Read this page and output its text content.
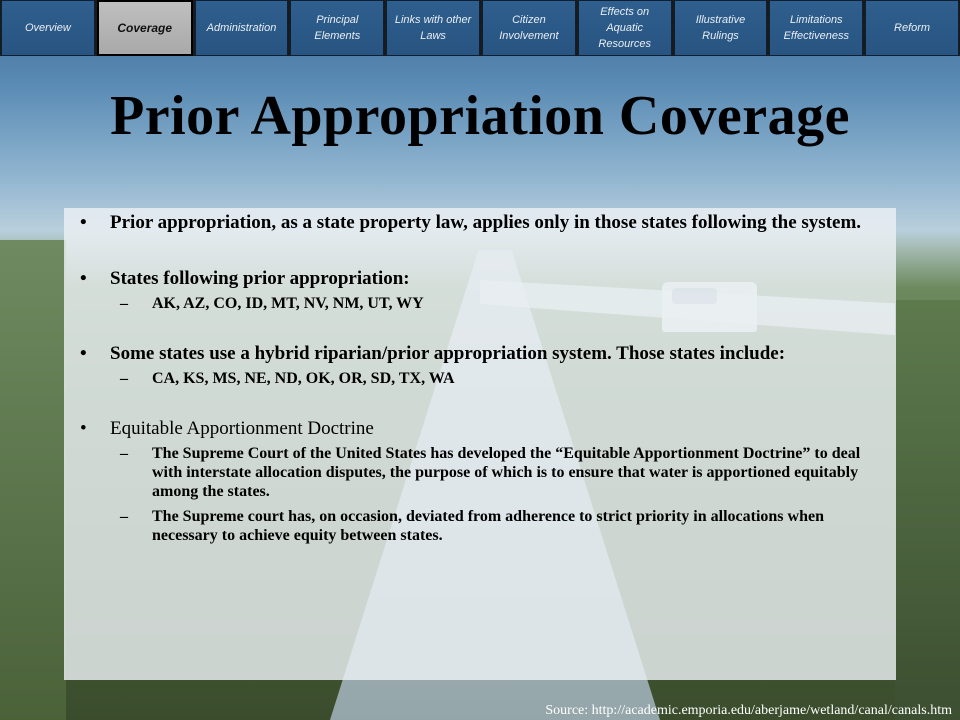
Overview	Coverage	Administration
Principal Elements
Links with other Laws
Citizen Involvement
Effects on Aquatic Resources
Illustrative Rulings
Limitations Effectiveness
Reform
Prior Appropriation Coverage
• Prior appropriation, as a state property law, applies only in those states following the system.
• States following prior appropriation:
– AK, AZ, CO, ID, MT, NV, NM, UT, WY
• Some states use a hybrid riparian/prior appropriation system. Those states include:
– CA, KS, MS, NE, ND, OK, OR, SD, TX, WA
• Equitable Apportionment Doctrine
– The Supreme Court of the United States has developed the “Equitable Apportionment Doctrine” to deal with interstate allocation disputes, the purpose of which is to ensure that water is apportioned equitably among the states.
– The Supreme court has, on occasion, deviated from adherence to strict priority in allocations when necessary to achieve equity between states.
Source: http://academic.emporia.edu/aberjame/wetland/canal/canals.htm
